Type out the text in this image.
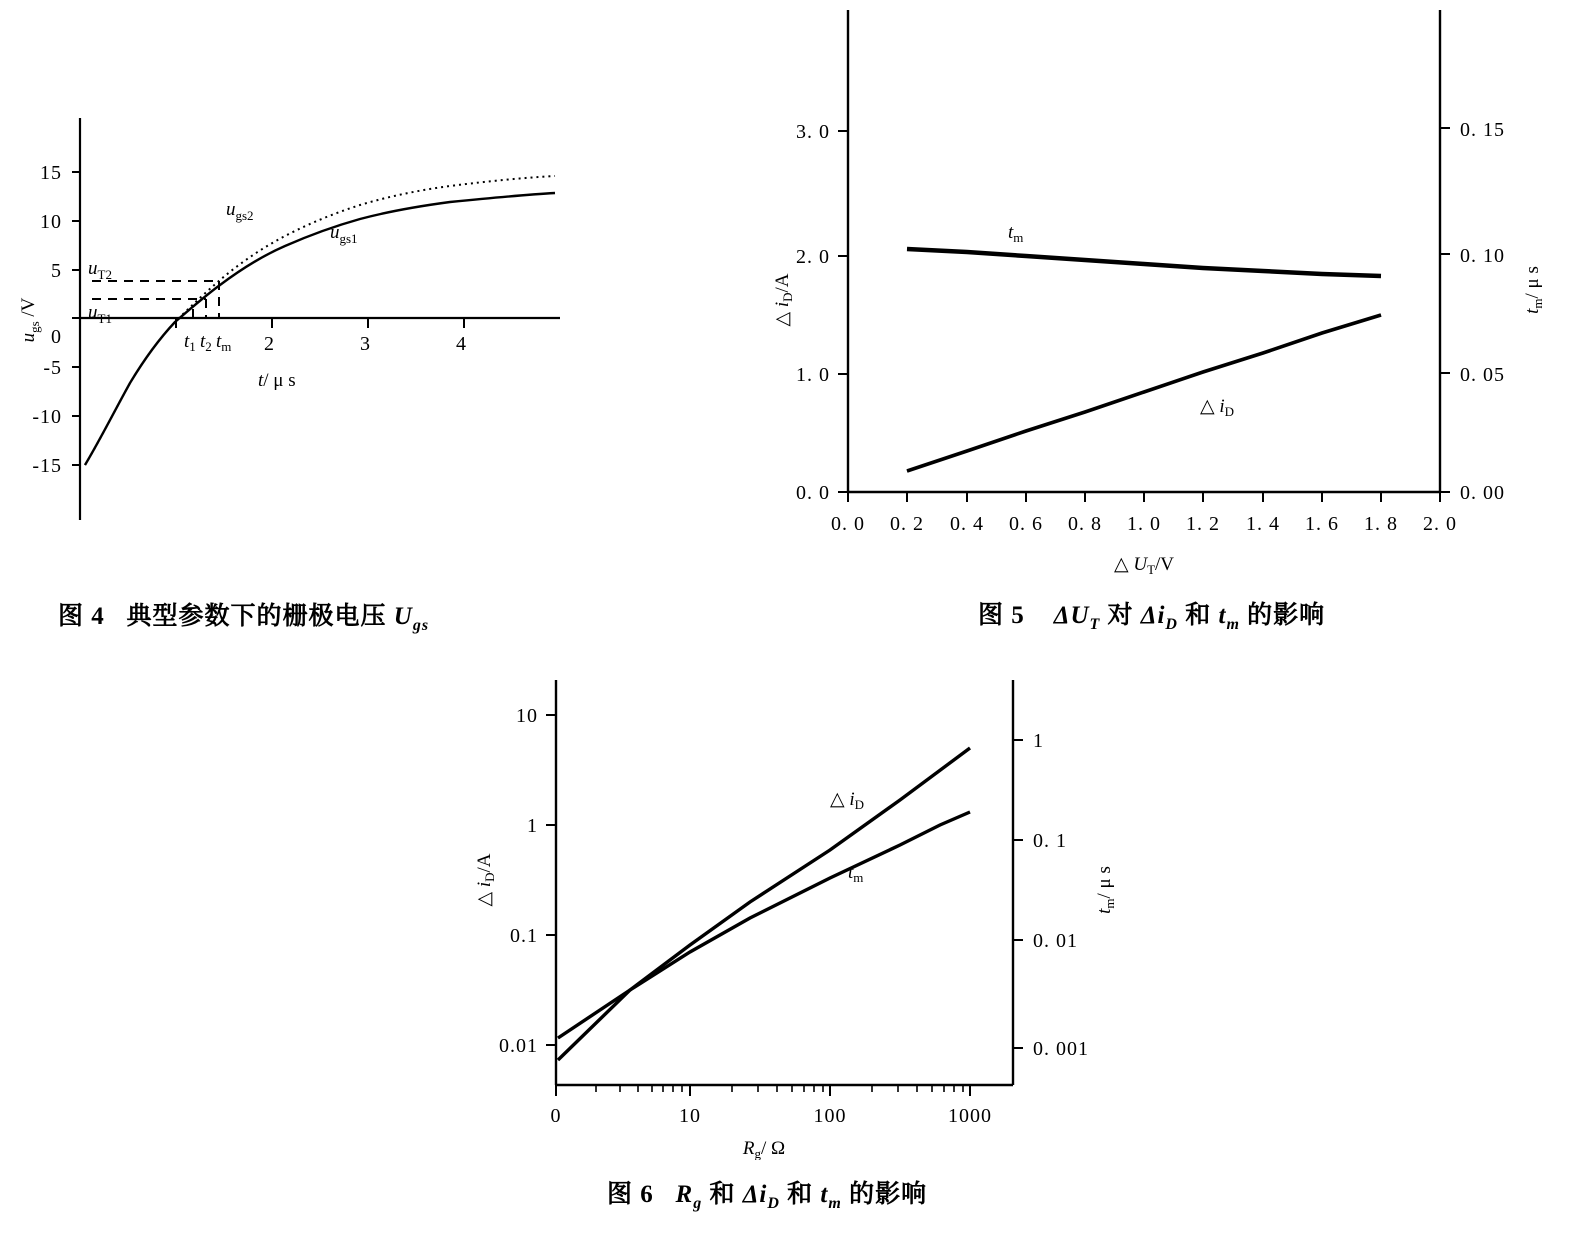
15
10
5
0
-5
-10
-15
2	3	4
$u_{gs}$ /V
t/ μ s
$u_{gs2}$
$u_{gs1}$
$u_{T2}$
$u_{T1}$
$t_1$ $t_2$ $t_m$
图 4 典型参数下的栅极电压 $U_{gs}$
0. 0 0. 2 0. 4 0. 6 0. 8 1. 0 1. 2 1. 4 1. 6 1. 8 2. 0
0. 0
1. 0
2. 0
3. 0
0. 00
0. 05
0. 10
0. 15
$t_m$
△ $i_D$
△ $i_D/A$
$t_m/$ μ s
△ $U_T/V$
图 5 $\Delta U_T$ 对 $\Delta i_D$ 和 $t_m$ 的影响
0	10	100	1000
0.01
0.1
1
10
0. 001
0. 01
0. 1
1
△ $i_D$
$t_m$
△ $i_D/A$
$t_m/$ μ s
$R_g/$ Ω
图 6 $R_g$ 和 $\Delta i_D$ 和 $t_m$ 的影响
